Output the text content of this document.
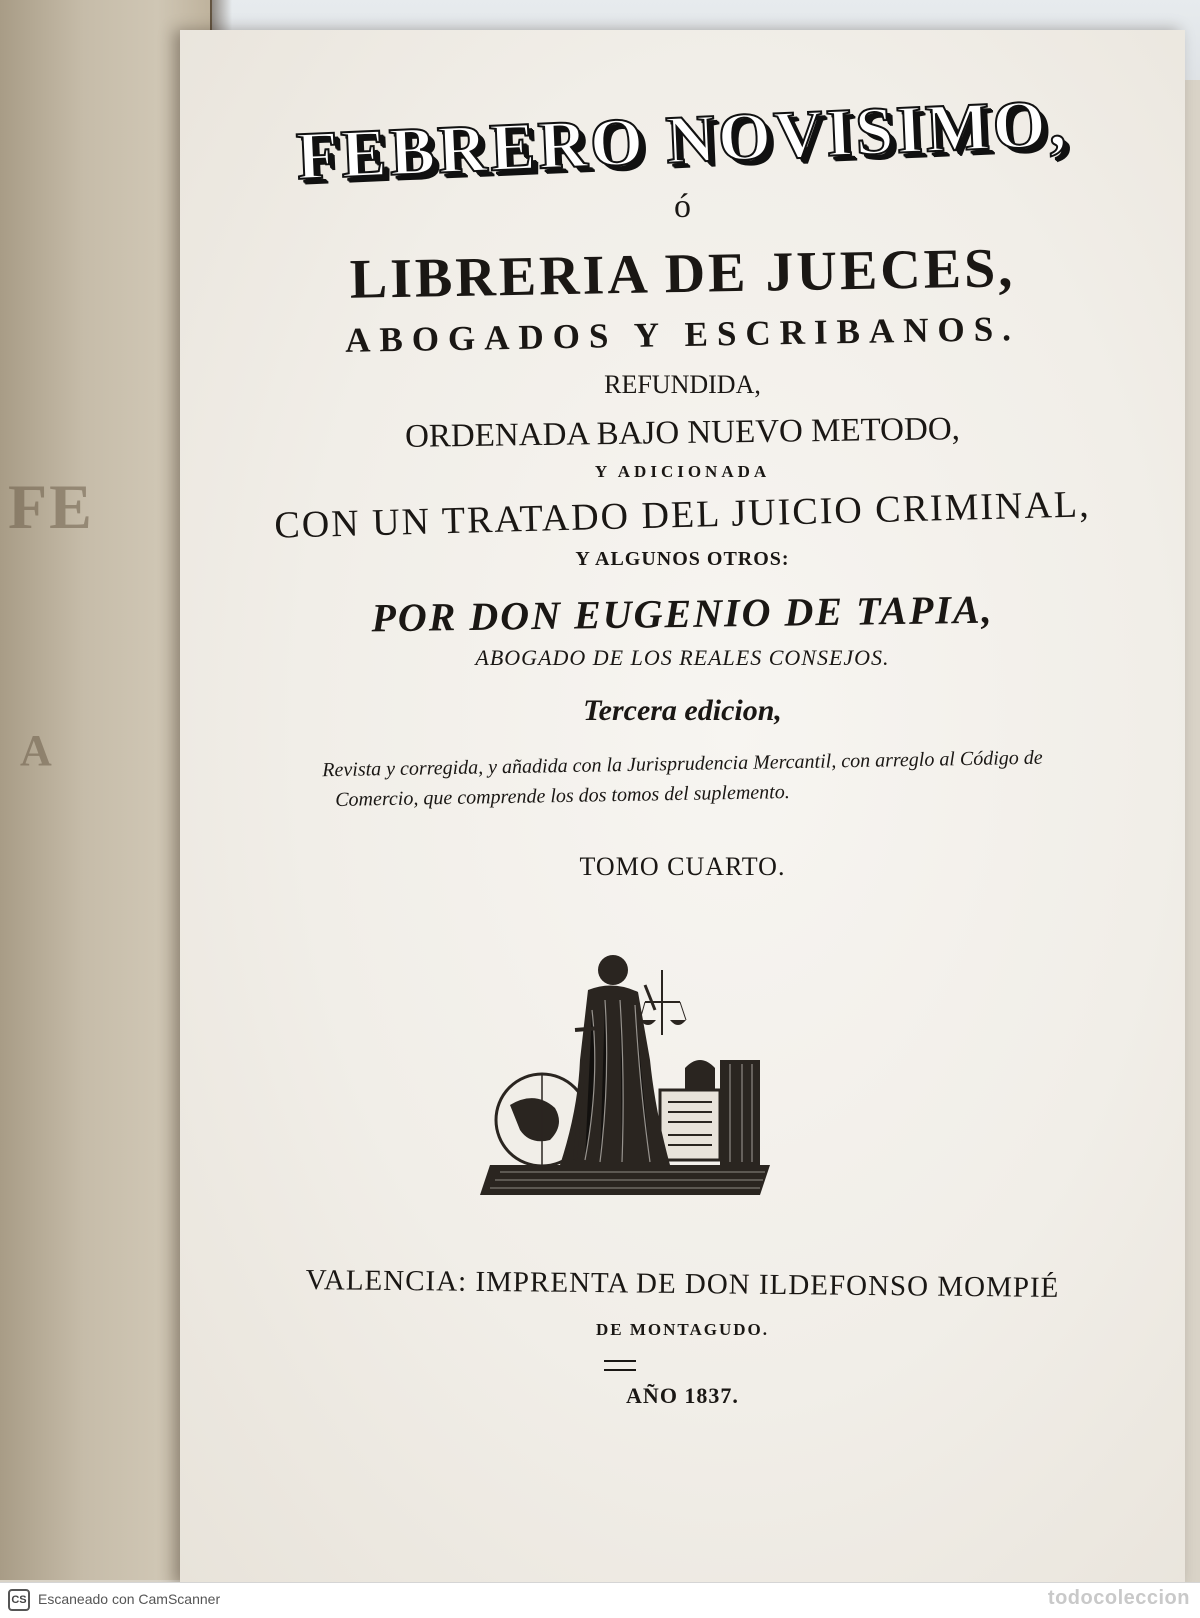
FE
A
FEBRERO NOVISIMO,
ó
LIBRERIA DE JUECES,
ABOGADOS Y ESCRIBANOS.
REFUNDIDA,
ORDENADA BAJO NUEVO METODO,
Y ADICIONADA
CON UN TRATADO DEL JUICIO CRIMINAL,
Y ALGUNOS OTROS:
POR DON EUGENIO DE TAPIA,
ABOGADO DE LOS REALES CONSEJOS.
Tercera edicion,
Revista y corregida, y añadida con la Jurisprudencia Mercantil, con arreglo al Código de
Comercio, que comprende los dos tomos del suplemento.
TOMO CUARTO.
VALENCIA: IMPRENTA DE DON ILDEFONSO MOMPIÉ
DE MONTAGUDO.
AÑO 1837.
CS Escaneado con CamScanner	todocoleccion
